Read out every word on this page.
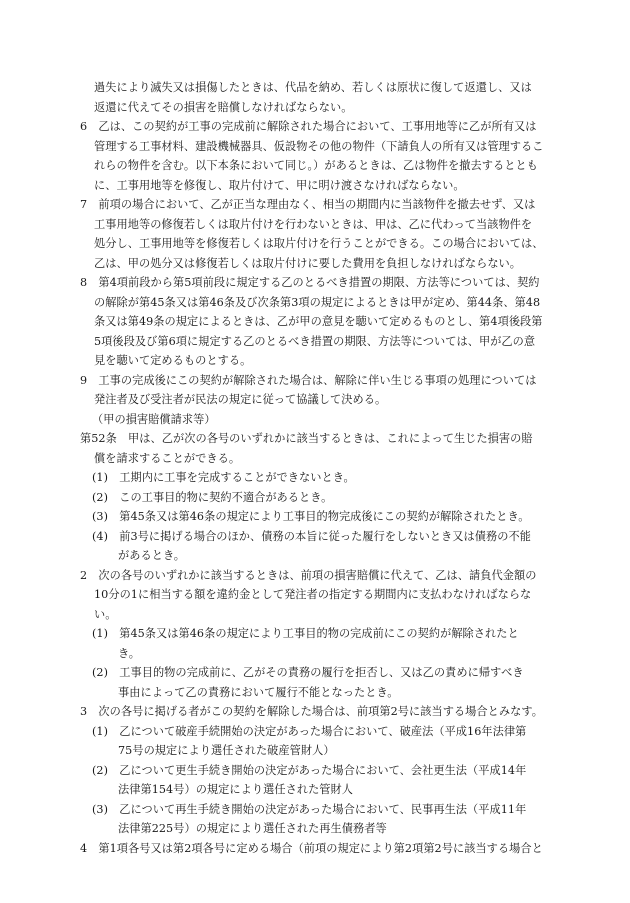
過失により滅失又は損傷したときは、代品を納め、若しくは原状に復して返還し、又は
返還に代えてその損害を賠償しなければならない。
6　乙は、この契約が工事の完成前に解除された場合において、工事用地等に乙が所有又は
管理する工事材料、建設機械器具、仮設物その他の物件（下請負人の所有又は管理するこ
れらの物件を含む。以下本条において同じ。）があるときは、乙は物件を撤去するととも
に、工事用地等を修復し、取片付けて、甲に明け渡さなければならない。
7　前項の場合において、乙が正当な理由なく、相当の期間内に当該物件を撤去せず、又は
工事用地等の修復若しくは取片付けを行わないときは、甲は、乙に代わって当該物件を
処分し、工事用地等を修復若しくは取片付けを行うことができる。この場合においては、
乙は、甲の処分又は修復若しくは取片付けに要した費用を負担しなければならない。
8　第4項前段から第5項前段に規定する乙のとるべき措置の期限、方法等については、契約
の解除が第45条又は第46条及び次条第3項の規定によるときは甲が定め、第44条、第48
条又は第49条の規定によるときは、乙が甲の意見を聴いて定めるものとし、第4項後段第
5項後段及び第6項に規定する乙のとるべき措置の期限、方法等については、甲が乙の意
見を聴いて定めるものとする。
9　工事の完成後にこの契約が解除された場合は、解除に伴い生じる事項の処理については
発注者及び受注者が民法の規定に従って協議して決める。
（甲の損害賠償請求等）
第52条　甲は、乙が次の各号のいずれかに該当するときは、これによって生じた損害の賠
償を請求することができる。
(1)　工期内に工事を完成することができないとき。
(2)　この工事目的物に契約不適合があるとき。
(3)　第45条又は第46条の規定により工事目的物完成後にこの契約が解除されたとき。
(4)　前3号に掲げる場合のほか、債務の本旨に従った履行をしないとき又は債務の不能
があるとき。
2　次の各号のいずれかに該当するときは、前項の損害賠償に代えて、乙は、請負代金額の
10分の1に相当する額を違約金として発注者の指定する期間内に支払わなければならな
い。
(1)　第45条又は第46条の規定により工事目的物の完成前にこの契約が解除されたと
き。
(2)　工事目的物の完成前に、乙がその責務の履行を拒否し、又は乙の責めに帰すべき
事由によって乙の責務において履行不能となったとき。
3　次の各号に掲げる者がこの契約を解除した場合は、前項第2号に該当する場合とみなす。
(1)　乙について破産手続開始の決定があった場合において、破産法（平成16年法律第
75号の規定により選任された破産管財人）
(2)　乙について更生手続き開始の決定があった場合において、会社更生法（平成14年
法律第154号）の規定により選任された管財人
(3)　乙について再生手続き開始の決定があった場合において、民事再生法（平成11年
法律第225号）の規定により選任された再生債務者等
4　第1項各号又は第2項各号に定める場合（前項の規定により第2項第2号に該当する場合と
